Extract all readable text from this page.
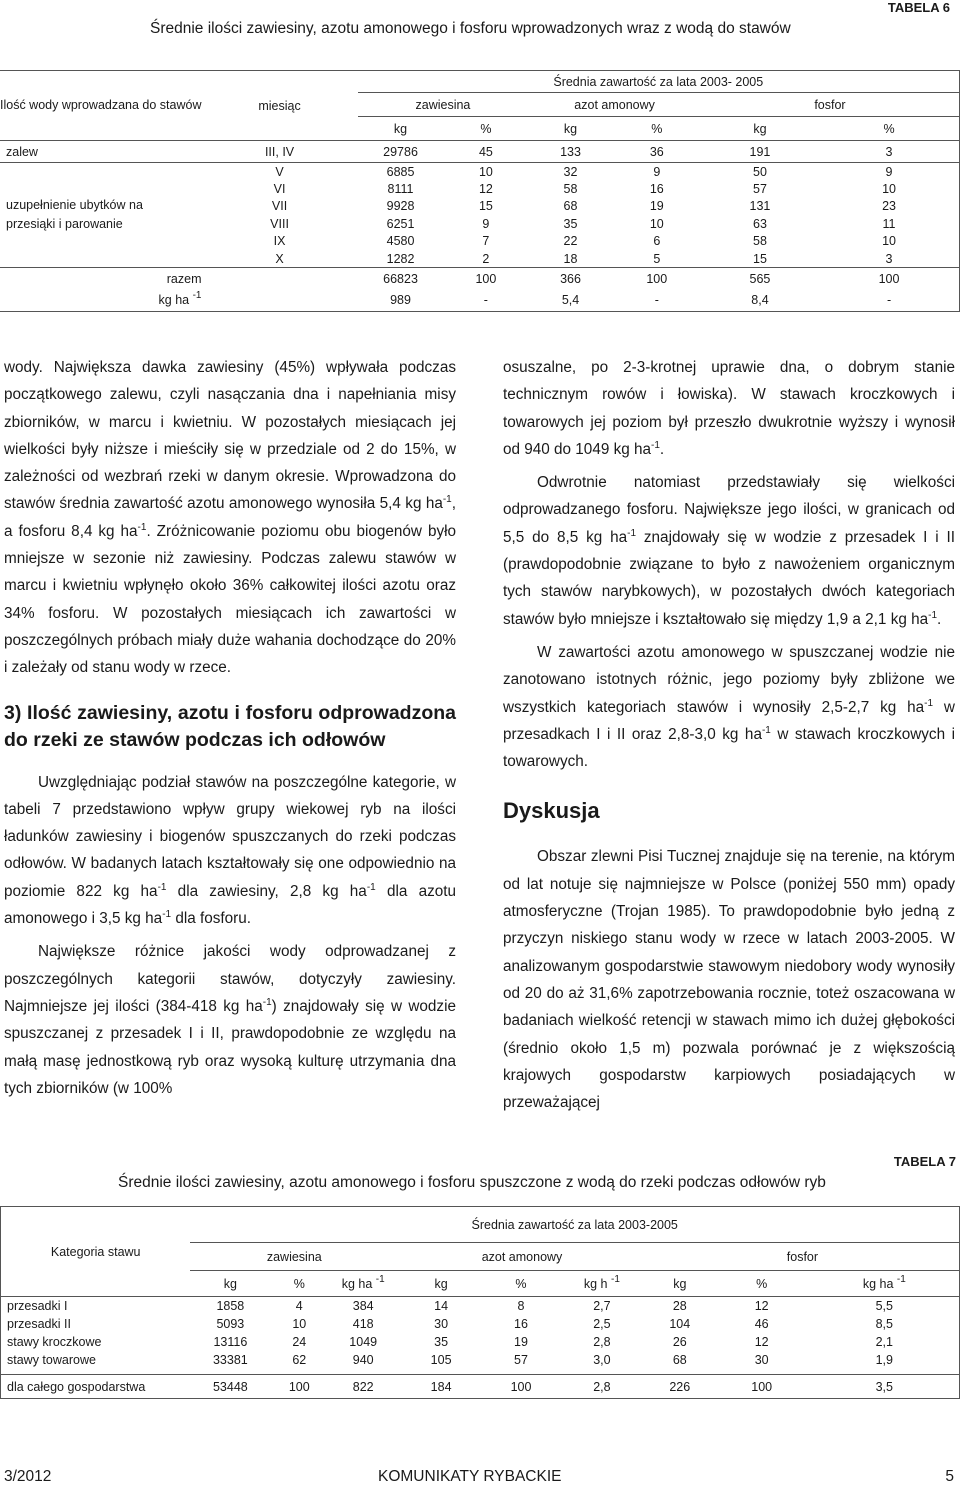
TABELA 6
Średnie ilości zawiesiny, azotu amonowego i fosforu wprowadzonych wraz z wodą do stawów
Ilość wody wprowadzana do stawów	miesiąc	Średnia zawartość za lata 2003- 2005					
		zawiesina		azot amonowy		fosfor	
		kg	%	kg	%	kg	%
zalew	III, IV	29786	45	133	36	191	3
uzupełnienie ubytków na
przesiąki i parowanie	V	6885	10	32	9	50	9
	VI	8111	12	58	16	57	10
	VII	9928	15	68	19	131	23
	VIII	6251	9	35	10	63	11
	IX	4580	7	22	6	58	10
	X	1282	2	18	5	15	3
razem		66823	100	366	100	565	100
kg ha $^{-1}$		989	-	5,4	-	8,4	-

wody. Największa dawka zawiesiny (45%) wpływała podczas początkowego zalewu, czyli nasączania dna i napełniania misy zbiorników, w marcu i kwietniu. W pozostałych miesiącach jej wielkości były niższe i mieściły się w przedziale od 2 do 15%, w zależności od wezbrań rzeki w danym okresie. Wprowadzona do stawów średnia zawartość azotu amonowego wynosiła 5,4 kg $ha^{-1}$, a fosforu 8,4 kg $ha^{-1}$. Zróżnicowanie poziomu obu biogenów było mniejsze w sezonie niż zawiesiny. Podczas zalewu stawów w marcu i kwietniu wpłynęło około 36% całkowitej ilości azotu oraz 34% fosforu. W pozostałych miesiącach ich zawartości w poszczególnych próbach miały duże wahania dochodzące do 20% i zależały od stanu wody w rzece.

3) Ilość zawiesiny, azotu i fosforu odprowadzona do rzeki ze stawów podczas ich odłowów

Uwzględniając podział stawów na poszczególne kategorie, w tabeli 7 przedstawiono wpływ grupy wiekowej ryb na ilości ładunków zawiesiny i biogenów spuszczanych do rzeki podczas odłowów. W badanych latach kształtowały się one odpowiednio na poziomie 822 kg $ha^{-1}$ dla zawiesiny, 2,8 kg $ha^{-1}$ dla azotu amonowego i 3,5 kg $ha^{-1}$ dla fosforu.

Największe różnice jakości wody odprowadzanej z poszczególnych kategorii stawów, dotyczyły zawiesiny. Najmniejsze jej ilości (384-418 kg $ha^{-1}$) znajdowały się w wodzie spuszczanej z przesadek I i II, prawdopodobnie ze względu na małą masę jednostkową ryb oraz wysoką kulturę utrzymania dna tych zbiorników (w 100%

osuszalne, po 2-3-krotnej uprawie dna, o dobrym stanie technicznym rowów i łowiska). W stawach kroczkowych i towarowych jej poziom był przeszło dwukrotnie wyższy i wynosił od 940 do 1049 kg $ha^{-1}$.

Odwrotnie natomiast przedstawiały się wielkości odprowadzanego fosforu. Największe jego ilości, w granicach od 5,5 do 8,5 kg $ha^{-1}$ znajdowały się w wodzie z przesadek I i II (prawdopodobnie związane to było z nawożeniem organicznym tych stawów narybkowych), w pozostałych dwóch kategoriach stawów było mniejsze i kształtowało się między 1,9 a 2,1 kg $ha^{-1}$.

W zawartości azotu amonowego w spuszczanej wodzie nie zanotowano istotnych różnic, jego poziomy były zbliżone we wszystkich kategoriach stawów i wynosiły 2,5-2,7 kg $ha^{-1}$ w przesadkach I i II oraz 2,8-3,0 kg $ha^{-1}$ w stawach kroczkowych i towarowych.

Dyskusja

Obszar zlewni Pisi Tucznej znajduje się na terenie, na którym od lat notuje się najmniejsze w Polsce (poniżej 550 mm) opady atmosferyczne (Trojan 1985). To prawdopodobnie było jedną z przyczyn niskiego stanu wody w rzece w latach 2003-2005. W analizowanym gospodarstwie stawowym niedobory wody wynosiły od 20 do aż 31,6% zapotrzebowania rocznie, toteż oszacowana w badaniach wielkość retencji w stawach mimo ich dużej głębokości (średnio około 1,5 m) pozwala porównać je z większością krajowych gospodarstw karpiowych posiadających w przeważającej

TABELA 7
Średnie ilości zawiesiny, azotu amonowego i fosforu spuszczone z wodą do rzeki podczas odłowów ryb
Kategoria stawu	Średnia zawartość za lata 2003-2005								
	zawiesina			azot amonowy			fosfor		
	kg	%	kg ha $^{-1}$	kg	%	kg h $^{-1}$	kg	%	kg ha $^{-1}$
przesadki I	1858	4	384	14	8	2,7	28	12	5,5
przesadki II	5093	10	418	30	16	2,5	104	46	8,5
stawy kroczkowe	13116	24	1049	35	19	2,8	26	12	2,1
stawy towarowe	33381	62	940	105	57	3,0	68	30	1,9

dla całego gospodarstwa	53448	100	822	184	100	2,8	226	100	3,5
3/2012	KOMUNIKATY RYBACKIE	5
